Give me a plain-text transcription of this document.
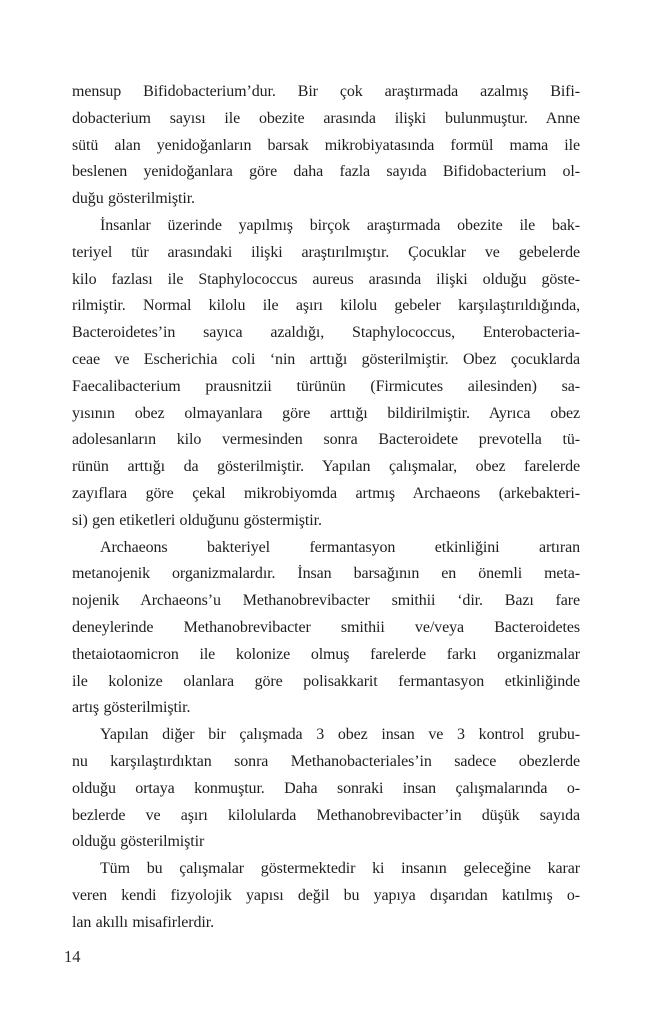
mensup Bifidobacterium’dur. Bir çok araştırmada azalmış Bifi-
dobacterium sayısı ile obezite arasında ilişki bulunmuştur. Anne
sütü alan yenidoğanların barsak mikrobiyatasında formül mama ile
beslenen yenidoğanlara göre daha fazla sayıda Bifidobacterium ol-
duğu gösterilmiştir.
İnsanlar üzerinde yapılmış birçok araştırmada obezite ile bak-
teriyel tür arasındaki ilişki araştırılmıştır. Çocuklar ve gebelerde
kilo fazlası ile Staphylococcus aureus arasında ilişki olduğu göste-
rilmiştir. Normal kilolu ile aşırı kilolu gebeler karşılaştırıldığında,
Bacteroidetes’in sayıca azaldığı, Staphylococcus, Enterobacteria-
ceae ve Escherichia coli ‘nin arttığı gösterilmiştir. Obez çocuklarda
Faecalibacterium prausnitzii türünün (Firmicutes ailesinden) sa-
yısının obez olmayanlara göre arttığı bildirilmiştir. Ayrıca obez
adolesanların kilo vermesinden sonra Bacteroidete prevotella tü-
rünün arttığı da gösterilmiştir. Yapılan çalışmalar, obez farelerde
zayıflara göre çekal mikrobiyomda artmış Archaeons (arkebakteri-
si) gen etiketleri olduğunu göstermiştir.
Archaeons bakteriyel fermantasyon etkinliğini artıran
metanojenik organizmalardır. İnsan barsağının en önemli meta-
nojenik Archaeons’u Methanobrevibacter smithii ‘dir. Bazı fare
deneylerinde Methanobrevibacter smithii ve/veya Bacteroidetes
thetaiotaomicron ile kolonize olmuş farelerde farkı organizmalar
ile kolonize olanlara göre polisakkarit fermantasyon etkinliğinde
artış gösterilmiştir.
Yapılan diğer bir çalışmada 3 obez insan ve 3 kontrol grubu-
nu karşılaştırdıktan sonra Methanobacteriales’in sadece obezlerde
olduğu ortaya konmuştur. Daha sonraki insan çalışmalarında o-
bezlerde ve aşırı kilolularda Methanobrevibacter’in düşük sayıda
olduğu gösterilmiştir
Tüm bu çalışmalar göstermektedir ki insanın geleceğine karar
veren kendi fizyolojik yapısı değil bu yapıya dışarıdan katılmış o-
lan akıllı misafirlerdir.
14
